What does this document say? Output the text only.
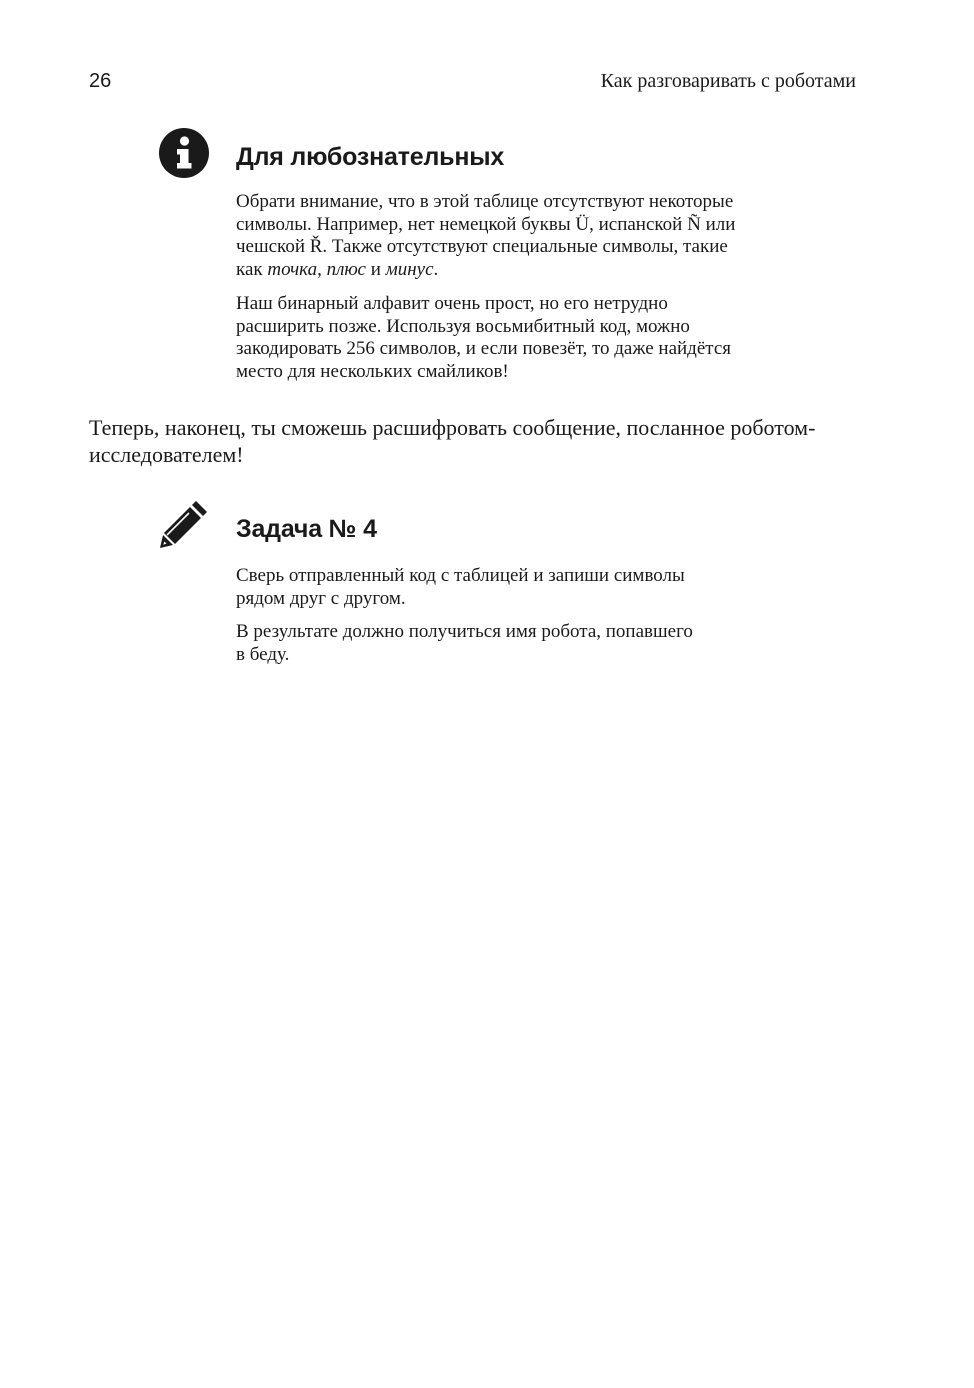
26	Как разговаривать с роботами
Для любознательных

Обрати внимание, что в этой таблице отсутствуют некоторые
символы. Например, нет немецкой буквы Ü, испанской Ñ или
чешской Ř. Также отсутствуют специальные символы, такие
как точка, плюс и минус.

Наш бинарный алфавит очень прост, но его нетрудно
расширить позже. Используя восьмибитный код, можно
закодировать 256 символов, и если повезёт, то даже найдётся
место для нескольких смайликов!

Теперь, наконец, ты сможешь расшифровать сообщение, посланное роботом-
исследователем!
Задача № 4

Сверь отправленный код с таблицей и запиши символы
рядом друг с другом.

В результате должно получиться имя робота, попавшего
в беду.
